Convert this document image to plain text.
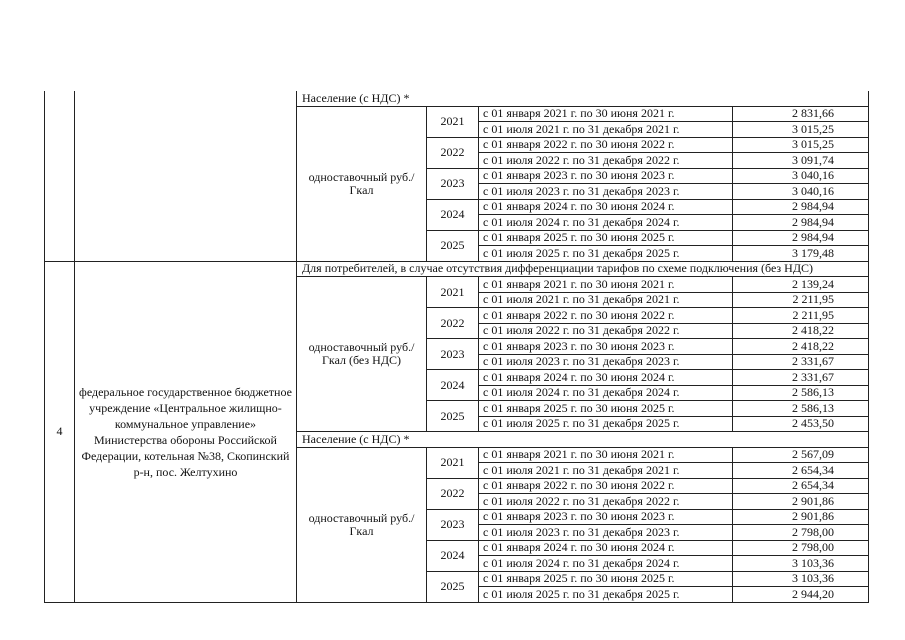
		Население (с НДС) *			
		одноставочный руб./Гкал	2021	с 01 января 2021 г. по 30 июня 2021 г.	2 831,66
				с 01 июля 2021 г. по 31 декабря 2021 г.	3 015,25
			2022	с 01 января 2022 г. по 30 июня 2022 г.	3 015,25
				с 01 июля 2022 г. по 31 декабря 2022 г.	3 091,74
			2023	с 01 января 2023 г. по 30 июня 2023 г.	3 040,16
				с 01 июля 2023 г. по 31 декабря 2023 г.	3 040,16
			2024	с 01 января 2024 г. по 30 июня 2024 г.	2 984,94
				с 01 июля 2024 г. по 31 декабря 2024 г.	2 984,94
			2025	с 01 января 2025 г. по 30 июня 2025 г.	2 984,94
				с 01 июля 2025 г. по 31 декабря 2025 г.	3 179,48
4	федеральное государственное бюджетное учреждение «Центральное жилищно-коммунальное управление» Министерства обороны Российской Федерации, котельная №38, Скопинский р-н, пос. Желтухино	Для потребителей, в случае отсутствия дифференциации тарифов по схеме подключения (без НДС)			
		одноставочный руб./Гкал (без НДС)	2021	с 01 января 2021 г. по 30 июня 2021 г.	2 139,24
				с 01 июля 2021 г. по 31 декабря 2021 г.	2 211,95
			2022	с 01 января 2022 г. по 30 июня 2022 г.	2 211,95
				с 01 июля 2022 г. по 31 декабря 2022 г.	2 418,22
			2023	с 01 января 2023 г. по 30 июня 2023 г.	2 418,22
				с 01 июля 2023 г. по 31 декабря 2023 г.	2 331,67
			2024	с 01 января 2024 г. по 30 июня 2024 г.	2 331,67
				с 01 июля 2024 г. по 31 декабря 2024 г.	2 586,13
			2025	с 01 января 2025 г. по 30 июня 2025 г.	2 586,13
				с 01 июля 2025 г. по 31 декабря 2025 г.	2 453,50
		Население (с НДС) *			
		одноставочный руб./Гкал	2021	с 01 января 2021 г. по 30 июня 2021 г.	2 567,09
				с 01 июля 2021 г. по 31 декабря 2021 г.	2 654,34
			2022	с 01 января 2022 г. по 30 июня 2022 г.	2 654,34
				с 01 июля 2022 г. по 31 декабря 2022 г.	2 901,86
			2023	с 01 января 2023 г. по 30 июня 2023 г.	2 901,86
				с 01 июля 2023 г. по 31 декабря 2023 г.	2 798,00
			2024	с 01 января 2024 г. по 30 июня 2024 г.	2 798,00
				с 01 июля 2024 г. по 31 декабря 2024 г.	3 103,36
			2025	с 01 января 2025 г. по 30 июня 2025 г.	3 103,36
				с 01 июля 2025 г. по 31 декабря 2025 г.	2 944,20
